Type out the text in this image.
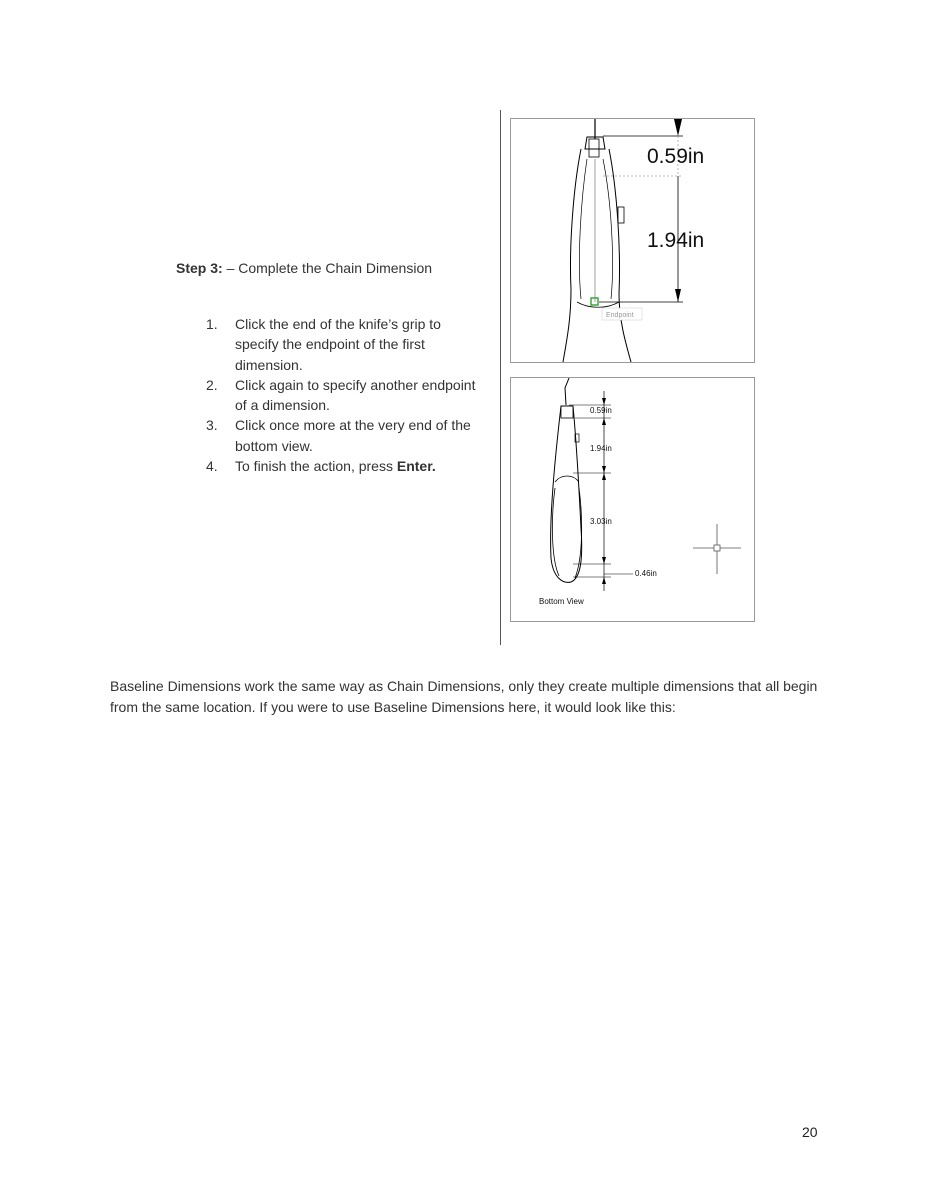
Step 3: – Complete the Chain Dimension
1. Click the end of the knife’s grip to specify the endpoint of the first dimension.
2. Click again to specify another endpoint of a dimension.
3. Click once more at the very end of the bottom view.
4. To finish the action, press Enter.
Endpoint
0.59in
1.94in
0.59in
1.94in
3.03in
0.46in
Bottom View
Baseline Dimensions work the same way as Chain Dimensions, only they create multiple dimensions that all begin from the same location. If you were to use Baseline Dimensions here, it would look like this:
20
